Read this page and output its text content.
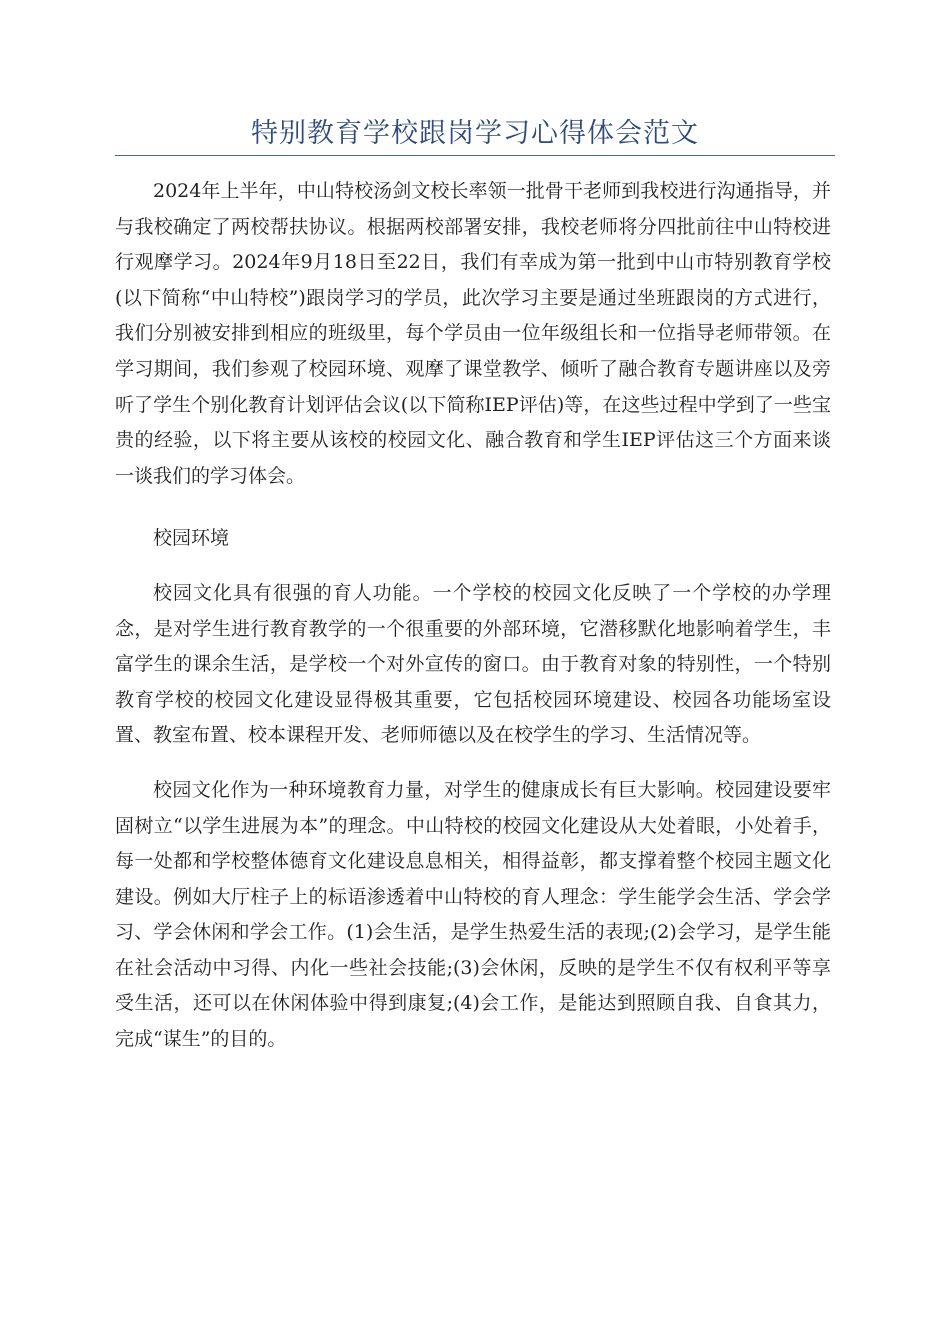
特别教育学校跟岗学习心得体会范文

2024年上半年，中山特校汤剑文校长率领一批骨干老师到我校进行沟通指导，并与我校确定了两校帮扶协议。根据两校部署安排，我校老师将分四批前往中山特校进行观摩学习。2024年9月18日至22日，我们有幸成为第一批到中山市特别教育学校(以下简称“中山特校”)跟岗学习的学员，此次学习主要是通过坐班跟岗的方式进行，我们分别被安排到相应的班级里，每个学员由一位年级组长和一位指导老师带领。在学习期间，我们参观了校园环境、观摩了课堂教学、倾听了融合教育专题讲座以及旁听了学生个别化教育计划评估会议(以下简称IEP评估)等，在这些过程中学到了一些宝贵的经验，以下将主要从该校的校园文化、融合教育和学生IEP评估这三个方面来谈一谈我们的学习体会。

校园环境

校园文化具有很强的育人功能。一个学校的校园文化反映了一个学校的办学理念，是对学生进行教育教学的一个很重要的外部环境，它潜移默化地影响着学生，丰富学生的课余生活，是学校一个对外宣传的窗口。由于教育对象的特别性，一个特别教育学校的校园文化建设显得极其重要，它包括校园环境建设、校园各功能场室设置、教室布置、校本课程开发、老师师德以及在校学生的学习、生活情况等。

校园文化作为一种环境教育力量，对学生的健康成长有巨大影响。校园建设要牢固树立“以学生进展为本”的理念。中山特校的校园文化建设从大处着眼，小处着手，每一处都和学校整体德育文化建设息息相关，相得益彰，都支撑着整个校园主题文化建设。例如大厅柱子上的标语渗透着中山特校的育人理念：学生能学会生活、学会学习、学会休闲和学会工作。(1)会生活，是学生热爱生活的表现;(2)会学习，是学生能在社会活动中习得、内化一些社会技能;(3)会休闲，反映的是学生不仅有权利平等享受生活，还可以在休闲体验中得到康复;(4)会工作，是能达到照顾自我、自食其力，完成“谋生”的目的。
